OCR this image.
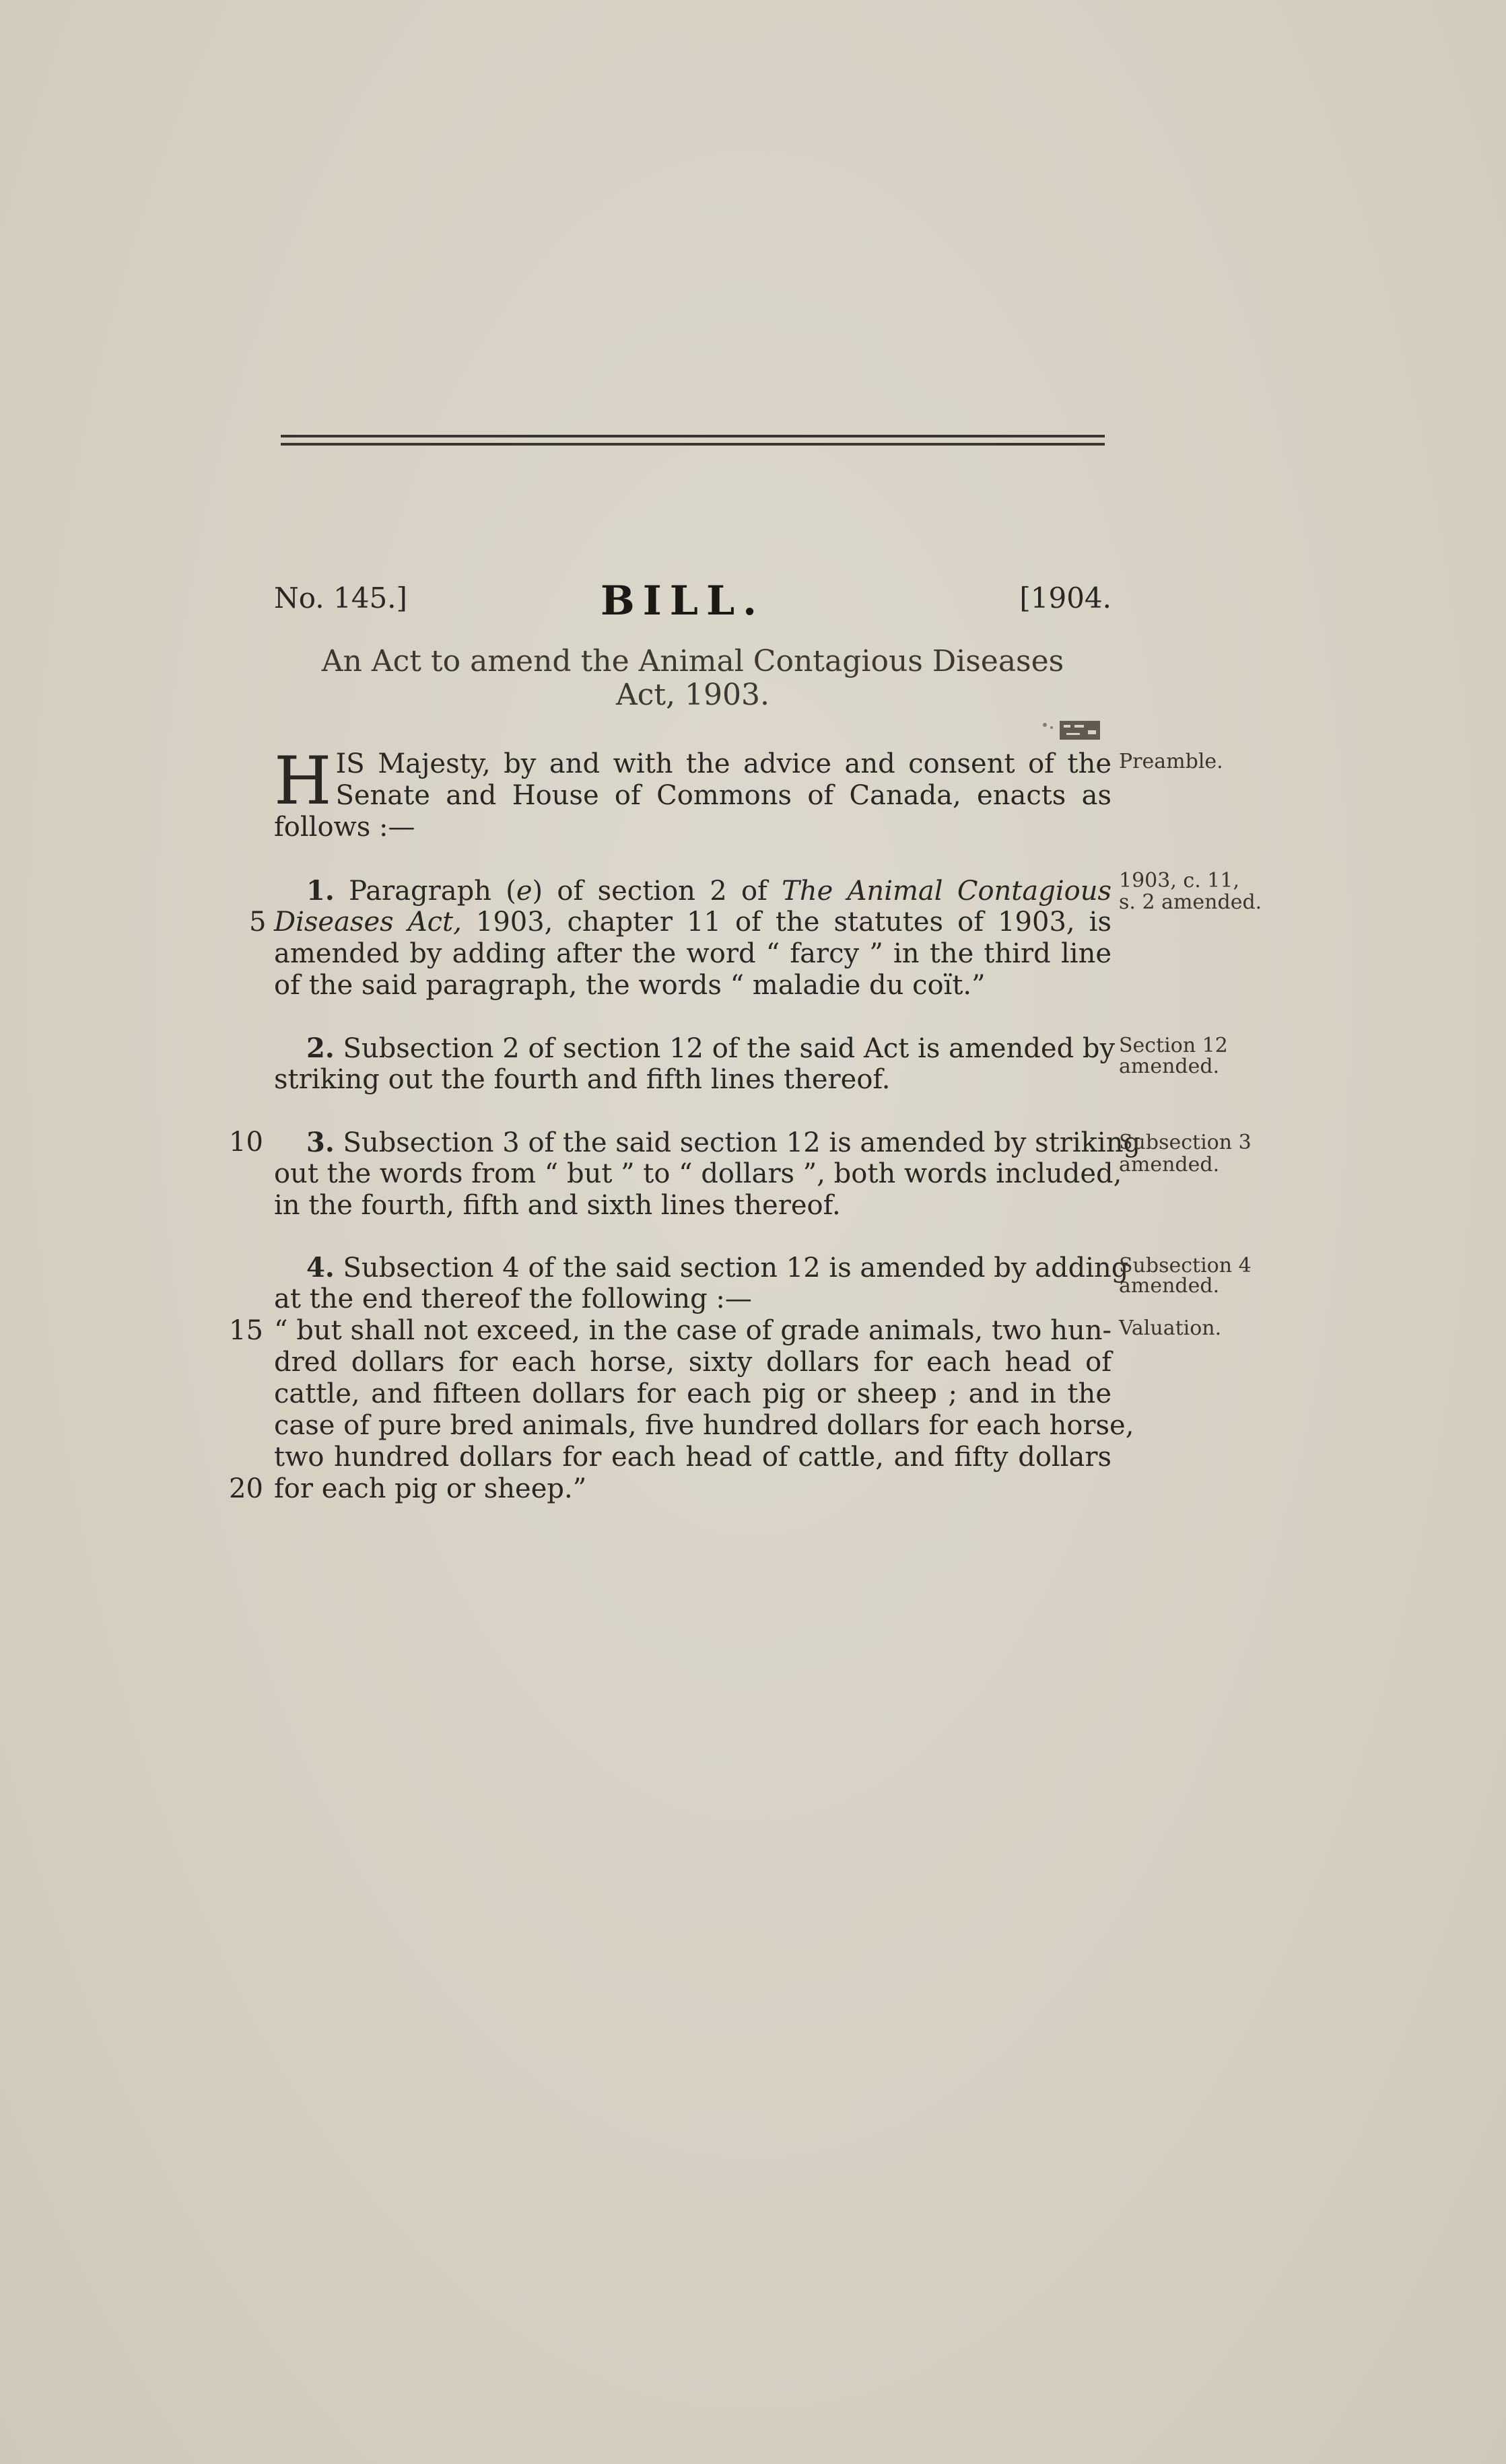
No. 145.]	BILL.	[1904.
An Act to amend the Animal Contagious Diseases
Act, 1903.
H IS Majesty, by and with the advice and consent of the
Senate and House of Commons of Canada, enacts as
follows :—
Preamble.
1. Paragraph (e) of section 2 of The Animal Contagious
Diseases Act, 1903, chapter 11 of the statutes of 1903, is
amended by adding after the word “ farcy ” in the third line
of the said paragraph, the words “ maladie du coït.”
1903, c. 11,
s. 2 amended.
5
2. Subsection 2 of section 12 of the said Act is amended by
striking out the fourth and fifth lines thereof.
Section 12
amended.
3. Subsection 3 of the said section 12 is amended by striking
out the words from “ but ” to “ dollars ”, both words included,
in the fourth, fifth and sixth lines thereof.
Subsection 3
amended.
10
4. Subsection 4 of the said section 12 is amended by adding
at the end thereof the following :—
“ but shall not exceed, in the case of grade animals, two hun-
dred dollars for each horse, sixty dollars for each head of
cattle, and fifteen dollars for each pig or sheep ; and in the
case of pure bred animals, five hundred dollars for each horse,
two hundred dollars for each head of cattle, and fifty dollars
for each pig or sheep.”
Subsection 4
amended.
Valuation.
15
20
